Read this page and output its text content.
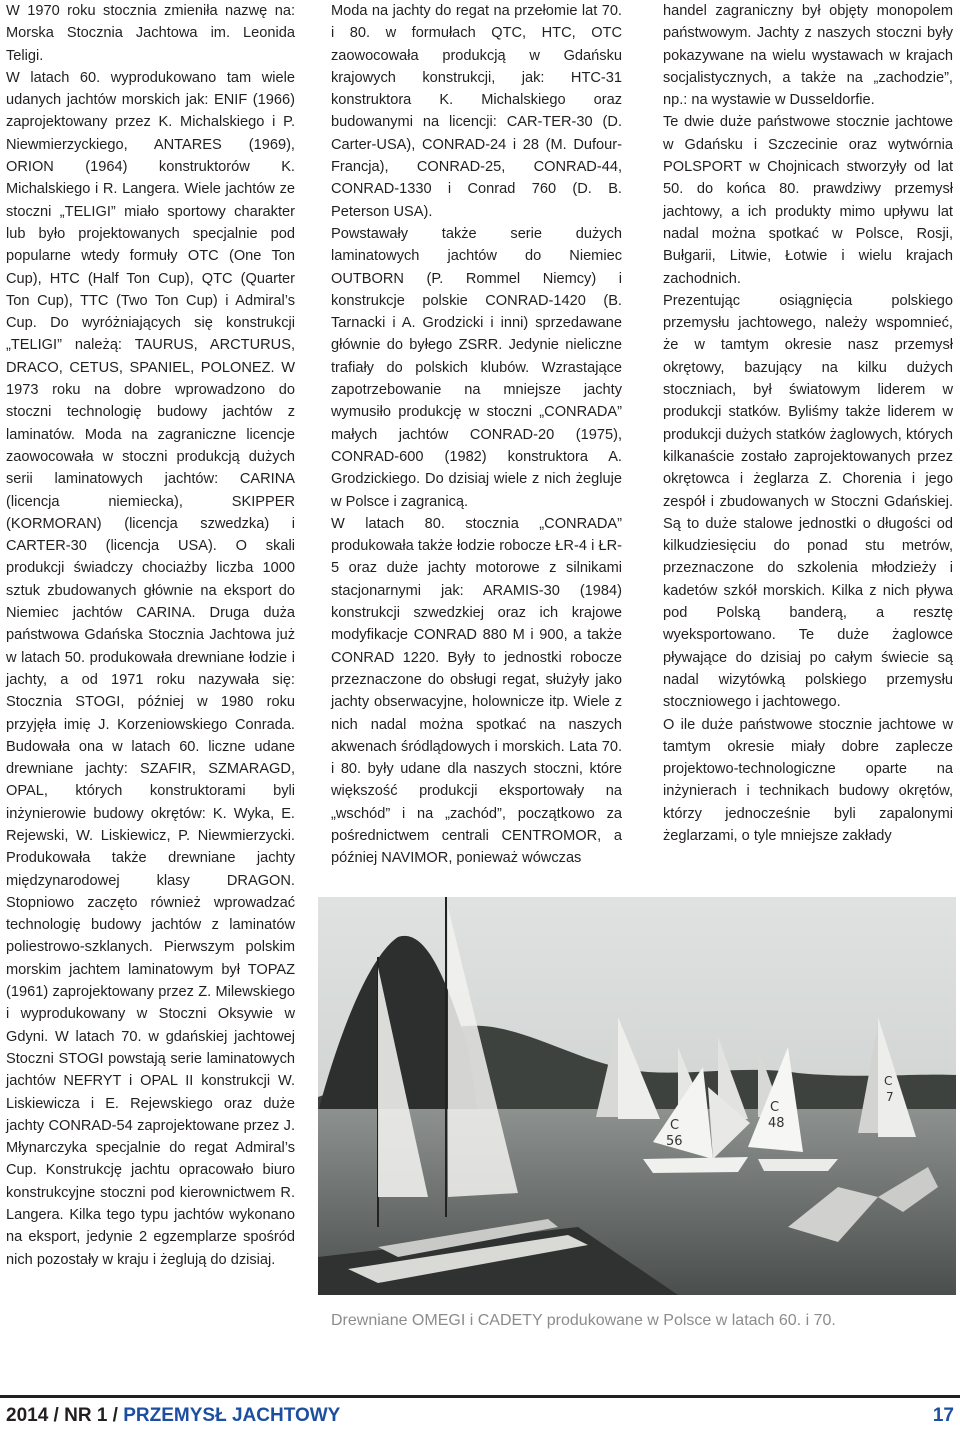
W 1970 roku stocznia zmieniła nazwę na: Morska Stocznia Jachtowa im. Leonida Teligi.

W latach 60. wyprodukowano tam wiele udanych jachtów morskich jak: ENIF (1966) zaprojektowany przez K. Michalskiego i P. Niewmierzyckiego, ANTARES (1969), ORION (1964) konstruktorów K. Michalskiego i R. Langera. Wiele jachtów ze stoczni „TELIGI” miało sportowy charakter lub było projektowanych specjalnie pod popularne wtedy formuły OTC (One Ton Cup), HTC (Half Ton Cup), QTC (Quarter Ton Cup), TTC (Two Ton Cup) i Admiral’s Cup. Do wyróżniających się konstrukcji „TELIGI” należą: TAURUS, ARCTURUS, DRACO, CETUS, SPANIEL, POLONEZ. W 1973 roku na dobre wprowadzono do stoczni technologię budowy jachtów z laminatów. Moda na zagraniczne licencje zaowocowała w stoczni produkcją dużych serii laminatowych jachtów: CARINA (licencja niemiecka), SKIPPER (KORMORAN) (licencja szwedzka) i CARTER-30 (licencja USA). O skali produkcji świadczy chociażby liczba 1000 sztuk zbudowanych głównie na eksport do Niemiec jachtów CARINA. Druga duża państwowa Gdańska Stocznia Jachtowa już w latach 50. produkowała drewniane łodzie i jachty, a od 1971 roku nazywała się: Stocznia STOGI, później w 1980 roku przyjęła imię J. Korzeniowskiego Conrada. Budowała ona w latach 60. liczne udane drewniane jachty: SZAFIR, SZMARAGD, OPAL, których konstruktorami byli inżynierowie budowy okrętów: K. Wyka, E. Rejewski, W. Liskiewicz, P. Niewmierzycki. Produkowała także drewniane jachty międzynarodowej klasy DRAGON. Stopniowo zaczęto również wprowadzać technologię budowy jachtów z laminatów poliestrowo-szklanych. Pierwszym polskim morskim jachtem laminatowym był TOPAZ (1961) zaprojektowany przez Z. Milewskiego i wyprodukowany w Stoczni Oksywie w Gdyni. W latach 70. w gdańskiej jachtowej Stoczni STOGI powstają serie laminatowych jachtów NEFRYT i OPAL II konstrukcji W. Liskiewicza i E. Rejewskiego oraz duże jachty CONRAD-54 zaprojektowane przez J. Młynarczyka specjalnie do regat Admiral’s Cup. Konstrukcję jachtu opracowało biuro konstrukcyjne stoczni pod kierownictwem R. Langera. Kilka tego typu jachtów wykonano na eksport, jedynie 2 egzemplarze spośród nich pozostały w kraju i żeglują do dzisiaj.

Moda na jachty do regat na przełomie lat 70. i 80. w formułach QTC, HTC, OTC zaowocowała produkcją w Gdańsku krajowych konstrukcji, jak: HTC-31 konstruktora K. Michalskiego oraz budowanymi na licencji: CAR-TER-30 (D. Carter-USA), CONRAD-24 i 28 (M. Dufour-Francja), CONRAD-25, CONRAD-44, CONRAD-1330 i Conrad 760 (D. B. Peterson USA).

Powstawały także serie dużych laminatowych jachtów do Niemiec OUTBORN (P. Rommel Niemcy) i konstrukcje polskie CONRAD-1420 (B. Tarnacki i A. Grodzicki i inni) sprzedawane głównie do byłego ZSRR. Jedynie nieliczne trafiały do polskich klubów. Wzrastające zapotrzebowanie na mniejsze jachty wymusiło produkcję w stoczni „CONRADA” małych jachtów CONRAD-20 (1975), CONRAD-600 (1982) konstruktora A. Grodzickiego. Do dzisiaj wiele z nich żegluje w Polsce i zagranicą.

W latach 80. stocznia „CONRADA” produkowała także łodzie robocze ŁR-4 i ŁR-5 oraz duże jachty motorowe z silnikami stacjonarnymi jak: ARAMIS-30 (1984) konstrukcji szwedzkiej oraz ich krajowe modyfikacje CONRAD 880 M i 900, a także CONRAD 1220. Były to jednostki robocze przeznaczone do obsługi regat, służyły jako jachty obserwacyjne, holownicze itp. Wiele z nich nadal można spotkać na naszych akwenach śródlądowych i morskich. Lata 70. i 80. były udane dla naszych stoczni, które większość produkcji eksportowały na „wschód” i na „zachód”, początkowo za pośrednictwem centrali CENTROMOR, a później NAVIMOR, ponieważ wówczas

handel zagraniczny był objęty monopolem państwowym. Jachty z naszych stoczni były pokazywane na wielu wystawach w krajach socjalistycznych, a także na „zachodzie”, np.: na wystawie w Dusseldorfie.

Te dwie duże państwowe stocznie jachtowe w Gdańsku i Szczecinie oraz wytwórnia POLSPORT w Chojnicach stworzyły od lat 50. do końca 80. prawdziwy przemysł jachtowy, a ich produkty mimo upływu lat nadal można spotkać w Polsce, Rosji, Bułgarii, Litwie, Łotwie i wielu krajach zachodnich.

Prezentując osiągnięcia polskiego przemysłu jachtowego, należy wspomnieć, że w tamtym okresie nasz przemysł okrętowy, bazujący na kilku dużych stoczniach, był światowym liderem w produkcji statków. Byliśmy także liderem w produkcji dużych statków żaglowych, których kilkanaście zostało zaprojektowanych przez okrętowca i żeglarza Z. Chorenia i jego zespół i zbudowanych w Stoczni Gdańskiej. Są to duże stalowe jednostki o długości od kilkudziesięciu do ponad stu metrów, przeznaczone do szkolenia młodzieży i kadetów szkół morskich. Kilka z nich pływa pod Polską banderą, a resztę wyeksportowano. Te duże żaglowce pływające do dzisiaj po całym świecie są nadal wizytówką polskiego przemysłu stoczniowego i jachtowego.

O ile duże państwowe stocznie jachtowe w tamtym okresie miały dobre zaplecze projektowo-technologiczne oparte na inżynierach i technikach budowy okrętów, którzy jednocześnie byli zapalonymi żeglarzami, o tyle mniejsze zakłady

C
56
C
48
C
7
Drewniane OMEGI i CADETY produkowane w Polsce w latach 60. i 70.
2014 / NR 1 / PRZEMYSŁ JACHTOWY	17
